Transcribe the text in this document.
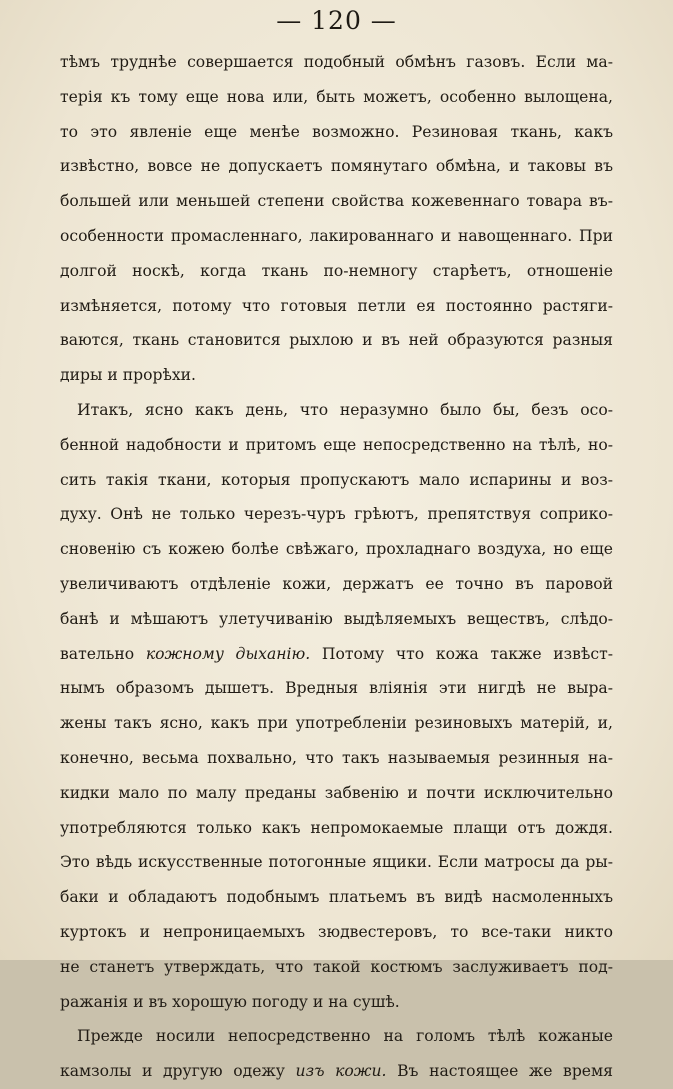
— 120 —
тѣмъ труднѣе совершается подобный обмѣнъ газовъ. Если ма-
терія къ тому еще нова или, быть можетъ, особенно вылощена,
то это явленіе еще менѣе возможно. Резиновая ткань, какъ
извѣстно, вовсе не допускаетъ помянутаго обмѣна, и таковы въ
большей или меньшей степени свойства кожевеннаго товара въ-
особенности промасленнаго, лакированнаго и навощеннаго. При
долгой носкѣ, когда ткань по-немногу старѣетъ, отношеніе
измѣняется, потому что готовыя петли ея постоянно растяги-
ваются, ткань становится рыхлою и въ ней образуются разныя
диры и прорѣхи.
Итакъ, ясно какъ день, что неразумно было бы, безъ осо-
бенной надобности и притомъ еще непосредственно на тѣлѣ, но-
сить такія ткани, которыя пропускаютъ мало испарины и воз-
духу. Онѣ не только черезъ-чуръ грѣютъ, препятствуя соприко-
сновенію съ кожею болѣе свѣжаго, прохладнаго воздуха, но еще
увеличиваютъ отдѣленіе кожи, держатъ ее точно въ паровой
банѣ и мѣшаютъ улетучиванію выдѣляемыхъ веществъ, слѣдо-
вательно кожному дыханію. Потому что кожа также извѣст-
нымъ образомъ дышетъ. Вредныя вліянія эти нигдѣ не выра-
жены такъ ясно, какъ при употребленіи резиновыхъ матерій, и,
конечно, весьма похвально, что такъ называемыя резинныя на-
кидки мало по малу преданы забвенію и почти исключительно
употребляются только какъ непромокаемые плащи отъ дождя.
Это вѣдь искусственные потогонные ящики. Если матросы да ры-
баки и обладаютъ подобнымъ платьемъ въ видѣ насмоленныхъ
куртокъ и непроницаемыхъ зюдвестеровъ, то все-таки никто
не станетъ утверждать, что такой костюмъ заслуживаетъ под-
ражанія и въ хорошую погоду и на сушѣ.
Прежде носили непосредственно на голомъ тѣлѣ кожаные
камзолы и другую одежу изъ кожи. Въ настоящее же время
